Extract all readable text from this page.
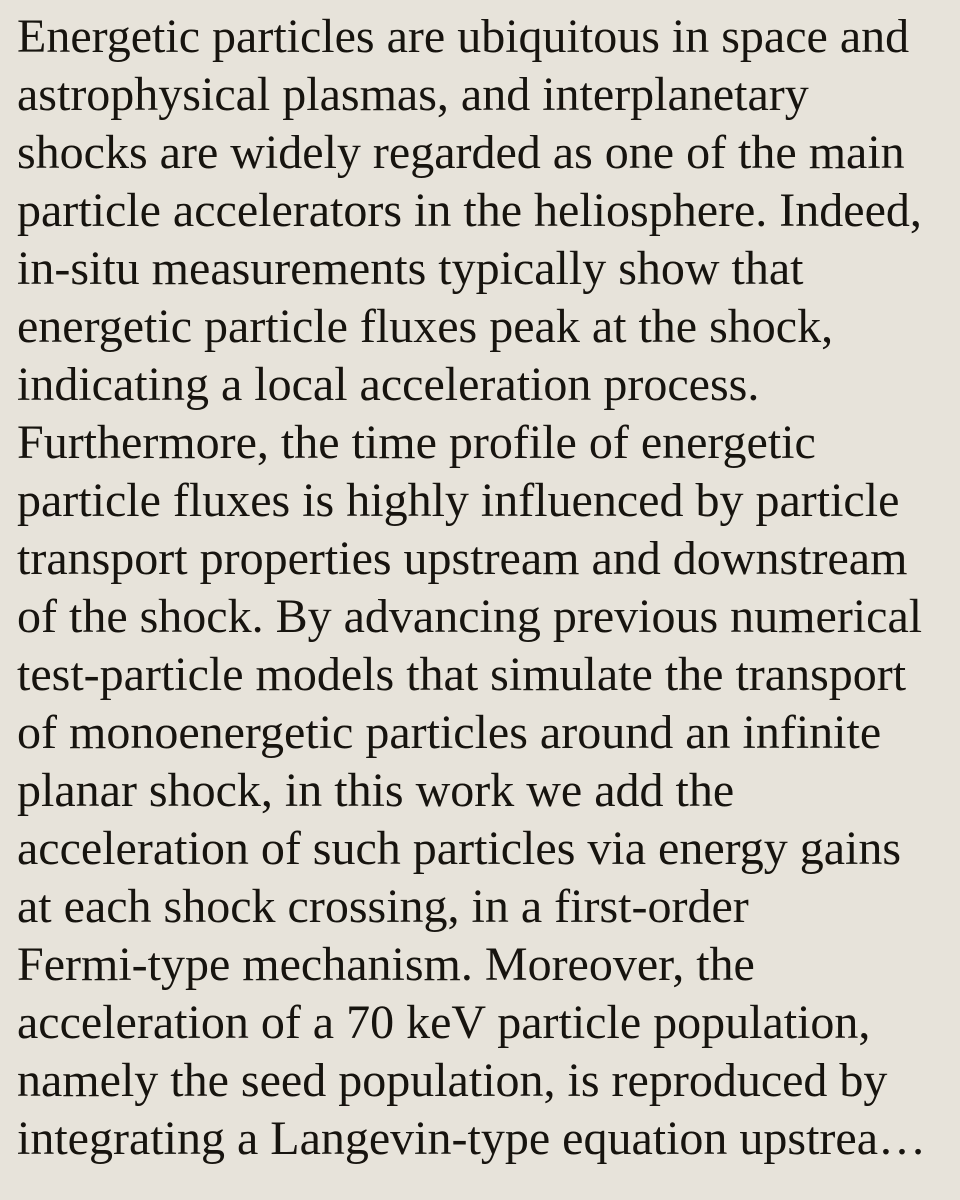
Energetic particles are ubiquitous in space and
astrophysical plasmas, and interplanetary
shocks are widely regarded as one of the main
particle accelerators in the heliosphere. Indeed,
in-situ measurements typically show that
energetic particle fluxes peak at the shock,
indicating a local acceleration process.
Furthermore, the time profile of energetic
particle fluxes is highly influenced by particle
transport properties upstream and downstream
of the shock. By advancing previous numerical
test-particle models that simulate the transport
of monoenergetic particles around an infinite
planar shock, in this work we add the
acceleration of such particles via energy gains
at each shock crossing, in a first-order
Fermi-type mechanism. Moreover, the
acceleration of a 70 keV particle population,
namely the seed population, is reproduced by
integrating a Langevin-type equation upstrea…
